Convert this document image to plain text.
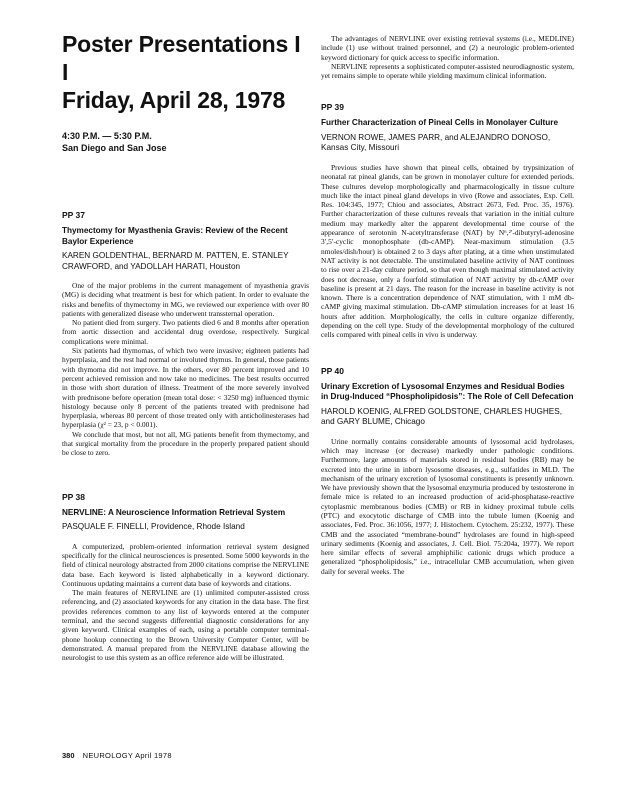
Poster Presentations I I
Friday, April 28, 1978
4:30 P.M. — 5:30 P.M.
San Diego and San Jose
PP 37
Thymectomy for Myasthenia Gravis: Review of the Recent Baylor Experience
KAREN GOLDENTHAL, BERNARD M. PATTEN, E. STANLEY CRAWFORD, and YADOLLAH HARATI, Houston

One of the major problems in the current management of myasthenia gravis (MG) is deciding what treatment is best for which patient. In order to evaluate the risks and benefits of thymectomy in MG, we reviewed our experience with over 80 patients with generalized disease who underwent transsternal operation.

No patient died from surgery. Two patients died 6 and 8 months after operation from aortic dissection and accidental drug overdose, respectively. Surgical complications were minimal.

Six patients had thymomas, of which two were invasive; eighteen patients had hyperplasia, and the rest had normal or involuted thymus. In general, those patients with thymoma did not improve. In the others, over 80 percent improved and 10 percent achieved remission and now take no medicines. The best results occurred in those with short duration of illness. Treatment of the more severely involved with prednisone before operation (mean total dose: < 3250 mg) influenced thymic histology because only 8 percent of the patients treated with prednisone had hyperplasia, whereas 80 percent of those treated only with anticholinesterases had hyperplasia (χ² = 23, p < 0.001).

We conclude that most, but not all, MG patients benefit from thymectomy, and that surgical mortality from the procedure in the properly prepared patient should be close to zero.

PP 38
NERVLINE: A Neuroscience Information Retrieval System
PASQUALE F. FINELLI, Providence, Rhode Island

A computerized, problem-oriented information retrieval system designed specifically for the clinical neurosciences is presented. Some 5000 keywords in the field of clinical neurology abstracted from 2000 citations comprise the NERVLINE data base. Each keyword is listed alphabetically in a keyword dictionary. Continuous updating maintains a current data base of keywords and citations.

The main features of NERVLINE are (1) unlimited computer-assisted cross referencing, and (2) associated keywords for any citation in the data base. The first provides references common to any list of keywords entered at the computer terminal, and the second suggests differential diagnostic considerations for any given keyword. Clinical examples of each, using a portable computer terminal-phone hookup connecting to the Brown University Computer Center, will be demonstrated. A manual prepared from the NERVLINE database allowing the neurologist to use this system as an office reference aide will be illustrated.

The advantages of NERVLINE over existing retrieval systems (i.e., MEDLINE) include (1) use without trained personnel, and (2) a neurologic problem-oriented keyword dictionary for quick access to specific information.

NERVLINE represents a sophisticated computer-assisted neurodiagnostic system, yet remains simple to operate while yielding maximum clinical information.

PP 39
Further Characterization of Pineal Cells in Monolayer Culture
VERNON ROWE, JAMES PARR, and ALEJANDRO DONOSO, Kansas City, Missouri

Previous studies have shown that pineal cells, obtained by trypsinization of neonatal rat pineal glands, can be grown in monolayer culture for extended periods. These cultures develop morphologically and pharmacologically in tissue culture much like the intact pineal gland develops in vivo (Rowe and associates, Exp. Cell. Res. 104:345, 1977; Chiou and associates, Abstract 2673, Fed. Proc. 35, 1976). Further characterization of these cultures reveals that variation in the initial culture medium may markedly alter the apparent developmental time course of the appearance of serotonin N-acetyltransferase (NAT) by N⁶,²′-dibutyryl-adenosine 3′,5′-cyclic monophosphate (db-cAMP). Near-maximum stimulation (3.5 nmoles/dish/hour) is obtained 2 to 3 days after plating, at a time when unstimulated NAT activity is not detectable. The unstimulated baseline activity of NAT continues to rise over a 21-day culture period, so that even though maximal stimulated activity does not decrease, only a fourfold stimulation of NAT activity by db-cAMP over baseline is present at 21 days. The reason for the increase in baseline activity is not known. There is a concentration dependence of NAT stimulation, with 1 mM db-cAMP giving maximal stimulation. Db-cAMP stimulation increases for at least 16 hours after addition. Morphologically, the cells in culture organize differently, depending on the cell type. Study of the developmental morphology of the cultured cells compared with pineal cells in vivo is underway.

PP 40
Urinary Excretion of Lysosomal Enzymes and Residual Bodies in Drug-Induced “Phospholipidosis”: The Role of Cell Defecation
HAROLD KOENIG, ALFRED GOLDSTONE, CHARLES HUGHES, and GARY BLUME, Chicago

Urine normally contains considerable amounts of lysosomal acid hydrolases, which may increase (or decrease) markedly under pathologic conditions. Furthermore, large amounts of materials stored in residual bodies (RB) may be excreted into the urine in inborn lysosome diseases, e.g., sulfatides in MLD. The mechanism of the urinary excretion of lysosomal constituents is presently unknown. We have previously shown that the lysosomal enzymuria produced by testosterone in female mice is related to an increased production of acid-phosphatase-reactive cytoplasmic membranous bodies (CMB) or RB in kidney proximal tubule cells (PTC) and exocytotic discharge of CMB into the tubule lumen (Koenig and associates, Fed. Proc. 36:1056, 1977; J. Histochem. Cytochem. 25:232, 1977). These CMB and the associated “membrane-bound” hydrolases are found in high-speed urinary sediments (Koenig and associates, J. Cell. Biol. 75:204a, 1977). We report here similar effects of several amphiphilic cationic drugs which produce a generalized “phospholipidosis,” i.e., intracellular CMB accumulation, when given daily for several weeks. The

380 NEUROLOGY April 1978
